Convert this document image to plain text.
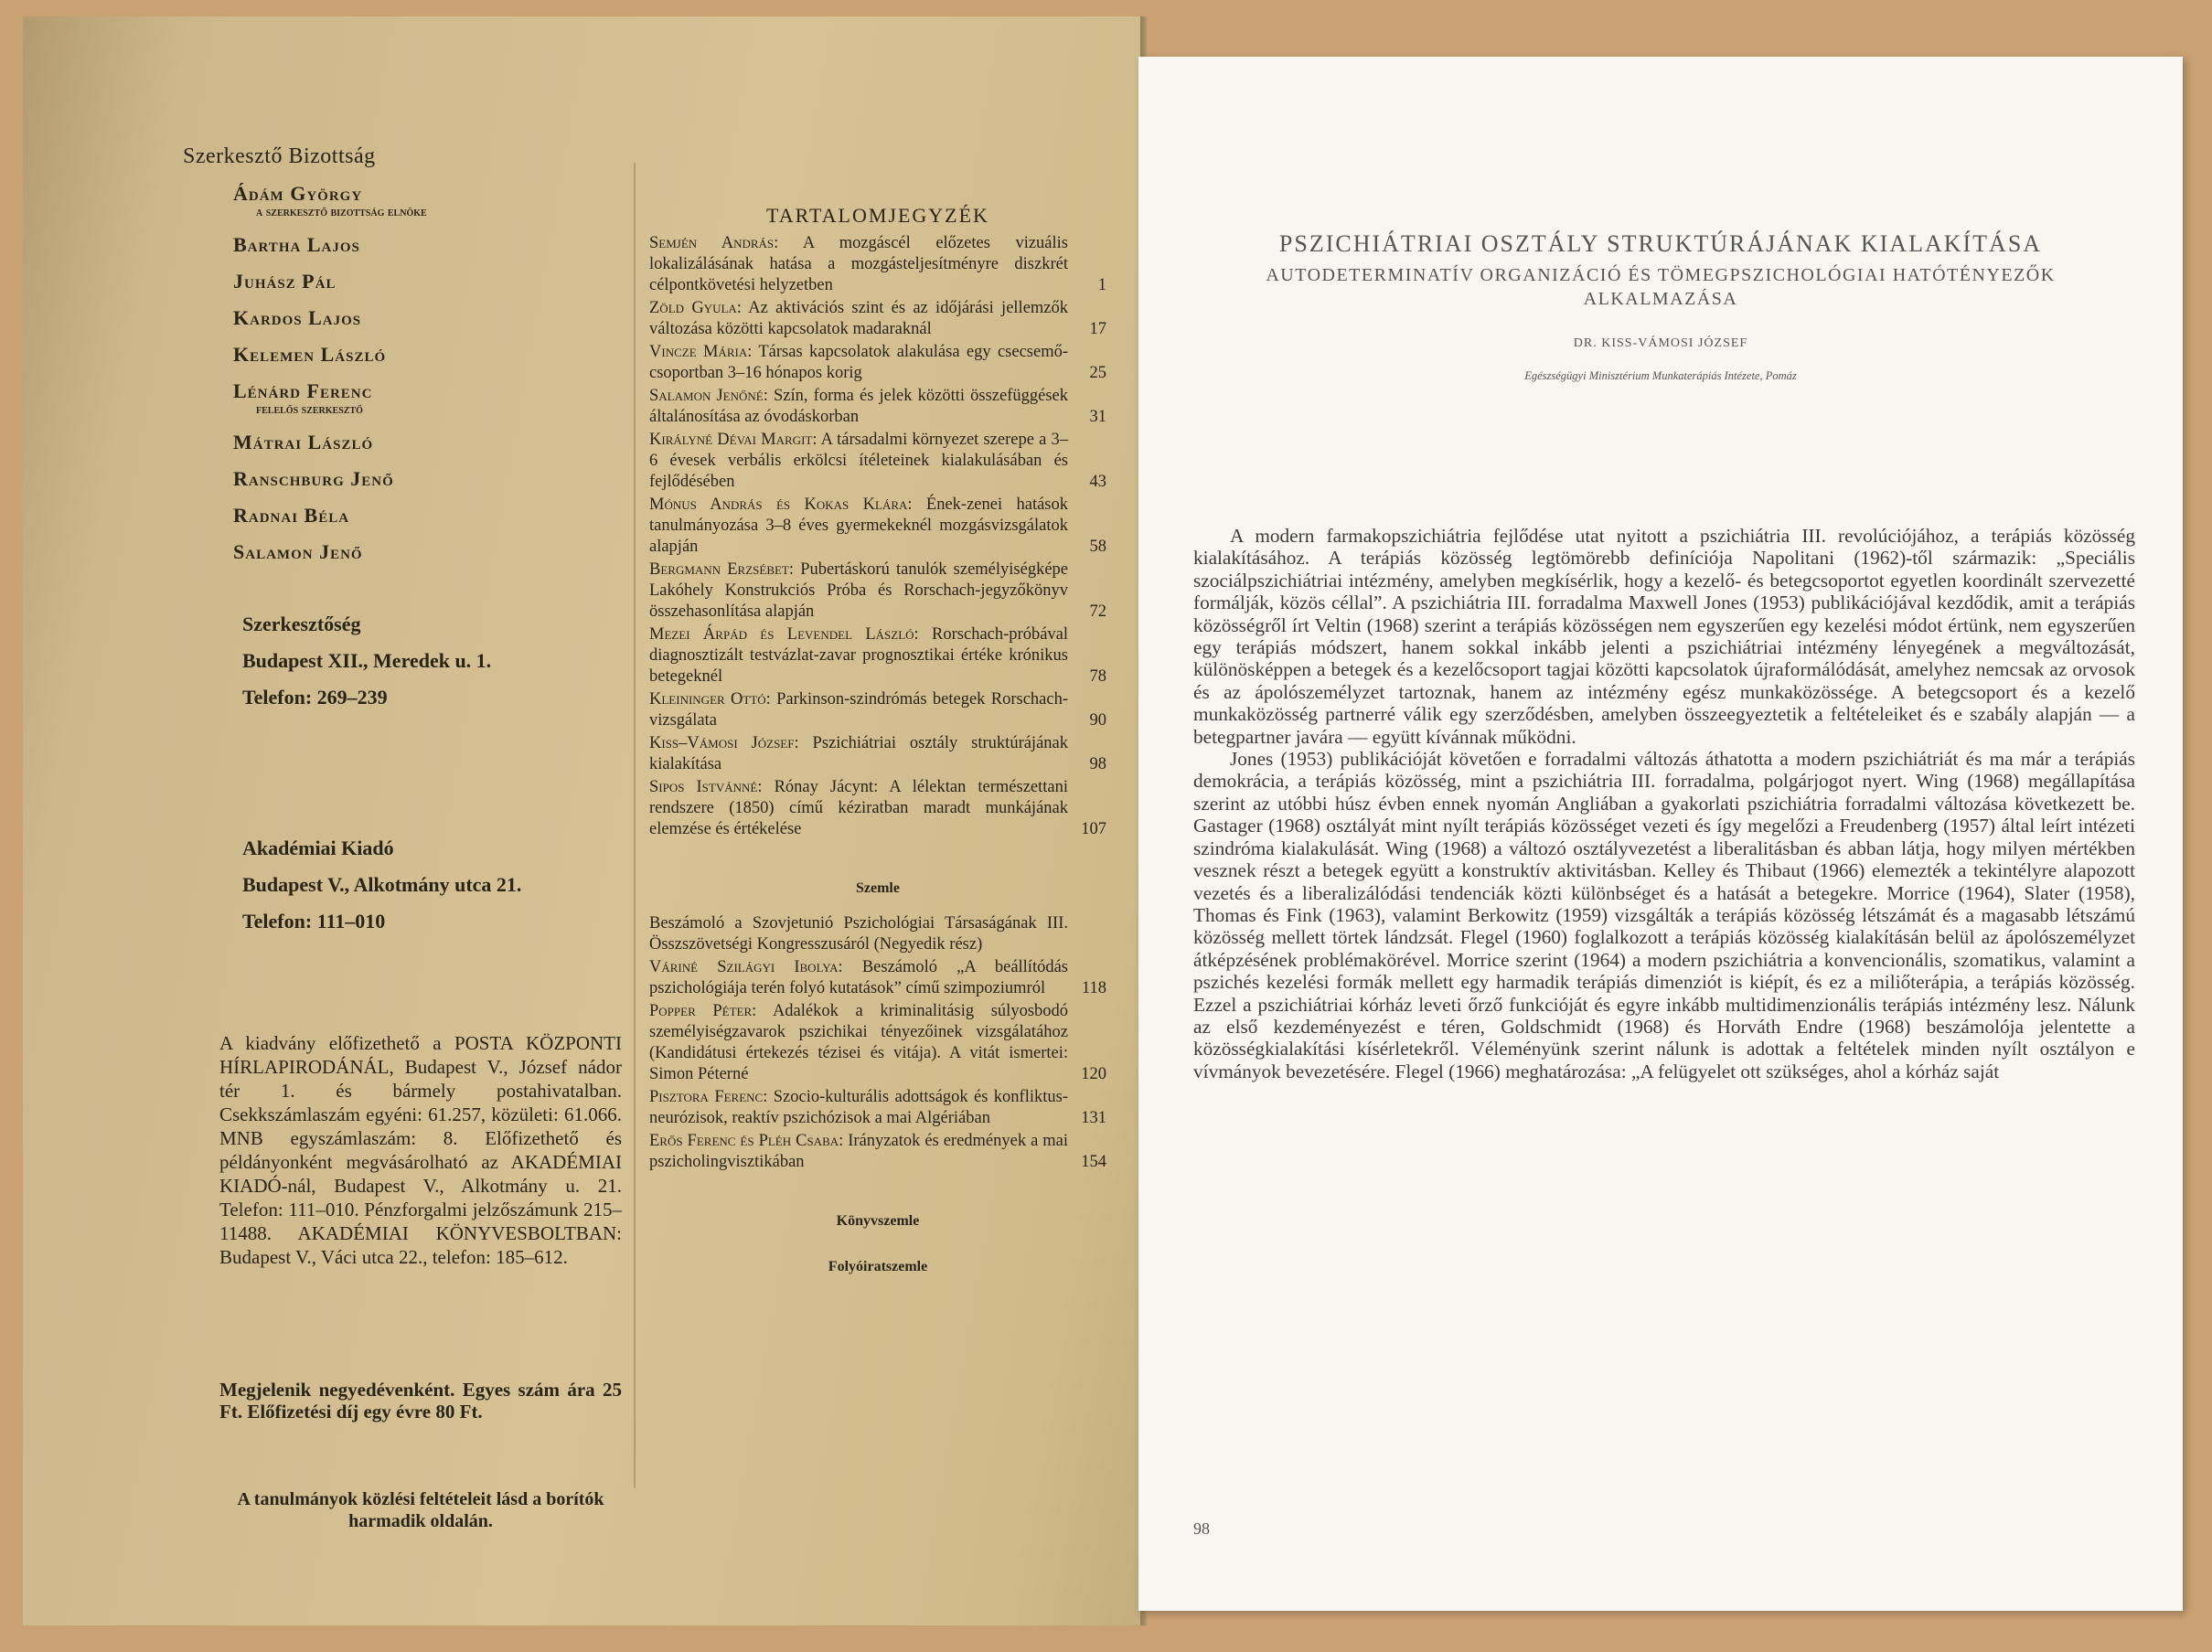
Szerkesztő Bizottság
Ádám György
a szerkesztő bizottság elnöke
Bartha Lajos
Juhász Pál
Kardos Lajos
Kelemen László
Lénárd Ferenc
felelős szerkesztő
Mátrai László
Ranschburg Jenő
Radnai Béla
Salamon Jenő
Szerkesztőség
Budapest XII., Meredek u. 1.
Telefon: 269–239
Akadémiai Kiadó
Budapest V., Alkotmány utca 21.
Telefon: 111–010
A kiadvány előfizethető a POSTA KÖZPONTI HÍRLAPIRODÁNÁL, Budapest V., József nádor tér 1. és bármely postahivatalban. Csekkszámlaszám egyéni: 61.257, közületi: 61.066. MNB egyszámlaszám: 8. Előfizethető és példányonként megvásárolható az AKADÉMIAI KIADÓ-nál, Budapest V., Alkotmány u. 21. Telefon: 111–010. Pénzforgalmi jelzőszámunk 215–11488. AKADÉMIAI KÖNYVESBOLTBAN: Budapest V., Váci utca 22., telefon: 185–612.
Megjelenik negyedévenként. Egyes szám ára 25 Ft. Előfizetési díj egy évre 80 Ft.
A tanulmányok közlési feltételeit lásd a borítók harmadik oldalán.
TARTALOMJEGYZÉK
Semjén András: A mozgáscél előzetes vizuális lokalizálásának hatása a mozgásteljesítményre diszkrét célpontkövetési helyzetben	1
Zöld Gyula: Az aktivációs szint és az időjárási jellemzők változása közötti kapcsolatok madaraknál	17
Vincze Mária: Társas kapcsolatok alakulása egy csecsemő-csoportban 3–16 hónapos korig	25
Salamon Jenőné: Szín, forma és jelek közötti összefüggések általánosítása az óvodáskorban	31
Királyné Dévai Margit: A társadalmi környezet szerepe a 3–6 évesek verbális erkölcsi ítéleteinek kialakulásában és fejlődésében	43
Mónus András és Kokas Klára: Ének-zenei hatások tanulmányozása 3–8 éves gyermekeknél mozgásvizsgálatok alapján	58
Bergmann Erzsébet: Pubertáskorú tanulók személyiségképe Lakóhely Konstrukciós Próba és Rorschach-jegyzőkönyv összehasonlítása alapján	72
Mezei Árpád és Levendel László: Rorschach-próbával diagnosztizált testvázlat-zavar prognosztikai értéke krónikus betegeknél	78
Kleininger Ottó: Parkinson-szindrómás betegek Rorschach-vizsgálata	90
Kiss–Vámosi József: Pszichiátriai osztály struktúrájának kialakítása	98
Sipos Istvánné: Rónay Jácynt: A lélektan természettani rendszere (1850) című kéziratban maradt munkájának elemzése és értékelése	107
Szemle
Beszámoló a Szovjetunió Pszichológiai Társaságának III. Összszövetségi Kongresszusáról (Negyedik rész)
Váriné Szilágyi Ibolya: Beszámoló „A beállítódás pszichológiája terén folyó kutatások” című szimpoziumról	118
Popper Péter: Adalékok a kriminalitásig súlyosbodó személyiségzavarok pszichikai tényezőinek vizsgálatához (Kandidátusi értekezés tézisei és vitája). A vitát ismertei: Simon Péterné	120
Pisztora Ferenc: Szocio-kulturális adottságok és konfliktus-neurózisok, reaktív pszichózisok a mai Algériában	131
Erős Ferenc és Pléh Csaba: Irányzatok és eredmények a mai pszicholingvisztikában	154
Könyvszemle
Folyóiratszemle
PSZICHIÁTRIAI OSZTÁLY STRUKTÚRÁJÁNAK KIALAKÍTÁSA
AUTODETERMINATÍV ORGANIZÁCIÓ ÉS TÖMEGPSZICHOLÓGIAI HATÓTÉNYEZŐK ALKALMAZÁSA
DR. KISS-VÁMOSI JÓZSEF
Egészségügyi Minisztérium Munkaterápiás Intézete, Pomáz

A modern farmakopszichiátria fejlődése utat nyitott a pszichiátria III. revolúciójához, a terápiás közösség kialakításához. A terápiás közösség legtömörebb definíciója Napolitani (1962)-től származik: „Speciális szociálpszichiátriai intézmény, amelyben megkísérlik, hogy a kezelő- és betegcsoportot egyetlen koordinált szervezetté formálják, közös céllal”. A pszichiátria III. forradalma Maxwell Jones (1953) publikációjával kezdődik, amit a terápiás közösségről írt Veltin (1968) szerint a terápiás közösségen nem egyszerűen egy kezelési módot értünk, nem egyszerűen egy terápiás módszert, hanem sokkal inkább jelenti a pszichiátriai intézmény lényegének a megváltozását, különösképpen a betegek és a kezelőcsoport tagjai közötti kapcsolatok újraformálódását, amelyhez nemcsak az orvosok és az ápolószemélyzet tartoznak, hanem az intézmény egész munkaközössége. A betegcsoport és a kezelő munkaközösség partnerré válik egy szerződésben, amelyben összeegyeztetik a feltételeiket és e szabály alapján — a betegpartner javára — együtt kívánnak működni.

Jones (1953) publikációját követően e forradalmi változás áthatotta a modern pszichiátriát és ma már a terápiás demokrácia, a terápiás közösség, mint a pszichiátria III. forradalma, polgárjogot nyert. Wing (1968) megállapítása szerint az utóbbi húsz évben ennek nyomán Angliában a gyakorlati pszichiátria forradalmi változása következett be. Gastager (1968) osztályát mint nyílt terápiás közösséget vezeti és így megelőzi a Freudenberg (1957) által leírt intézeti szindróma kialakulását. Wing (1968) a változó osztályvezetést a liberalitásban és abban látja, hogy milyen mértékben vesznek részt a betegek együtt a konstruktív aktivitásban. Kelley és Thibaut (1966) elemezték a tekintélyre alapozott vezetés és a liberalizálódási tendenciák közti különbséget és a hatását a betegekre. Morrice (1964), Slater (1958), Thomas és Fink (1963), valamint Berkowitz (1959) vizsgálták a terápiás közösség létszámát és a magasabb létszámú közösség mellett törtek lándzsát. Flegel (1960) foglalkozott a terápiás közösség kialakításán belül az ápolószemélyzet átképzésének problémakörével. Morrice szerint (1964) a modern pszichiátria a konvencionális, szomatikus, valamint a pszichés kezelési formák mellett egy harmadik terápiás dimenziót is kiépít, és ez a miliőterápia, a terápiás közösség. Ezzel a pszichiátriai kórház leveti őrző funkcióját és egyre inkább multidimenzionális terápiás intézmény lesz. Nálunk az első kezdeményezést e téren, Goldschmidt (1968) és Horváth Endre (1968) beszámolója jelentette a közösségkialakítási kísérletekről. Véleményünk szerint nálunk is adottak a feltételek minden nyílt osztályon e vívmányok bevezetésére. Flegel (1966) meghatározása: „A felügyelet ott szükséges, ahol a kórház saját

98
